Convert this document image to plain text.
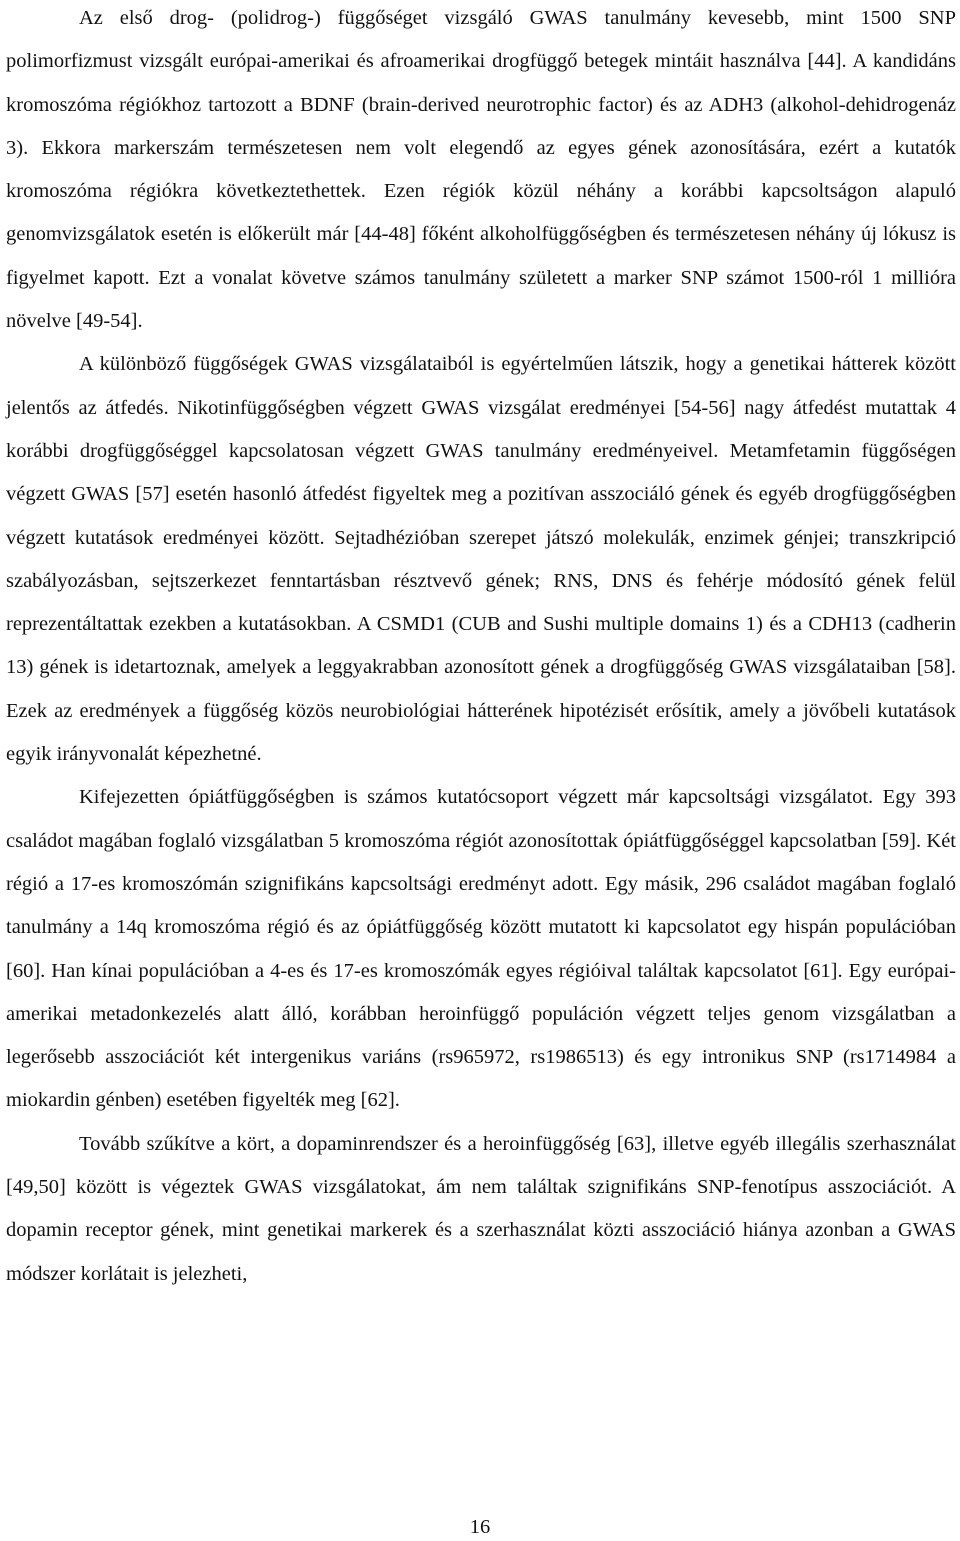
Az első drog- (polidrog-) függőséget vizsgáló GWAS tanulmány kevesebb, mint 1500 SNP polimorfizmust vizsgált európai-amerikai és afroamerikai drogfüggő betegek mintáit használva [44]. A kandidáns kromoszóma régiókhoz tartozott a BDNF (brain-derived neurotrophic factor) és az ADH3 (alkohol-dehidrogenáz 3). Ekkora markerszám természetesen nem volt elegendő az egyes gének azonosítására, ezért a kutatók kromoszóma régiókra következtethettek. Ezen régiók közül néhány a korábbi kapcsoltságon alapuló genomvizsgálatok esetén is előkerült már [44-48] főként alkoholfüggőségben és természetesen néhány új lókusz is figyelmet kapott. Ezt a vonalat követve számos tanulmány született a marker SNP számot 1500-ról 1 millióra növelve [49-54].

A különböző függőségek GWAS vizsgálataiból is egyértelműen látszik, hogy a genetikai hátterek között jelentős az átfedés. Nikotinfüggőségben végzett GWAS vizsgálat eredményei [54-56] nagy átfedést mutattak 4 korábbi drogfüggőséggel kapcsolatosan végzett GWAS tanulmány eredményeivel. Metamfetamin függőségen végzett GWAS [57] esetén hasonló átfedést figyeltek meg a pozitívan asszociáló gének és egyéb drogfüggőségben végzett kutatások eredményei között. Sejtadhézióban szerepet játszó molekulák, enzimek génjei; transzkripció szabályozásban, sejtszerkezet fenntartásban résztvevő gének; RNS, DNS és fehérje módosító gének felül reprezentáltattak ezekben a kutatásokban. A CSMD1 (CUB and Sushi multiple domains 1) és a CDH13 (cadherin 13) gének is idetartoznak, amelyek a leggyakrabban azonosított gének a drogfüggőség GWAS vizsgálataiban [58]. Ezek az eredmények a függőség közös neurobiológiai hátterének hipotézisét erősítik, amely a jövőbeli kutatások egyik irányvonalát képezhetné.

Kifejezetten ópiátfüggőségben is számos kutatócsoport végzett már kapcsoltsági vizsgálatot. Egy 393 családot magában foglaló vizsgálatban 5 kromoszóma régiót azonosítottak ópiátfüggőséggel kapcsolatban [59]. Két régió a 17-es kromoszómán szignifikáns kapcsoltsági eredményt adott. Egy másik, 296 családot magában foglaló tanulmány a 14q kromoszóma régió és az ópiátfüggőség között mutatott ki kapcsolatot egy hispán populációban [60]. Han kínai populációban a 4-es és 17-es kromoszómák egyes régióival találtak kapcsolatot [61]. Egy európai-amerikai metadonkezelés alatt álló, korábban heroinfüggő populáción végzett teljes genom vizsgálatban a legerősebb asszociációt két intergenikus variáns (rs965972, rs1986513) és egy intronikus SNP (rs1714984 a miokardin génben) esetében figyelték meg [62].

Tovább szűkítve a kört, a dopaminrendszer és a heroinfüggőség [63], illetve egyéb illegális szerhasználat [49,50] között is végeztek GWAS vizsgálatokat, ám nem találtak szignifikáns SNP-fenotípus asszociációt. A dopamin receptor gének, mint genetikai markerek és a szerhasználat közti asszociáció hiánya azonban a GWAS módszer korlátait is jelezheti,

16
